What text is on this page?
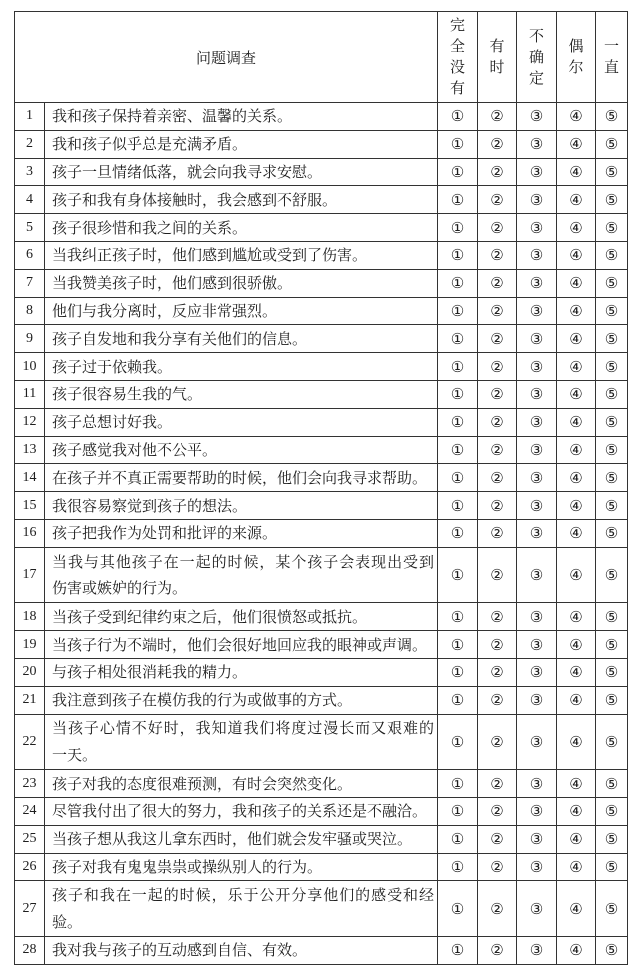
问题调查		完全没有	有时	不确定	偶尔	一直
1	我和孩子保持着亲密、温馨的关系。	①	②	③	④	⑤
2	我和孩子似乎总是充满矛盾。	①	②	③	④	⑤
3	孩子一旦情绪低落，就会向我寻求安慰。	①	②	③	④	⑤
4	孩子和我有身体接触时，我会感到不舒服。	①	②	③	④	⑤
5	孩子很珍惜和我之间的关系。	①	②	③	④	⑤
6	当我纠正孩子时，他们感到尴尬或受到了伤害。	①	②	③	④	⑤
7	当我赞美孩子时，他们感到很骄傲。	①	②	③	④	⑤
8	他们与我分离时，反应非常强烈。	①	②	③	④	⑤
9	孩子自发地和我分享有关他们的信息。	①	②	③	④	⑤
10	孩子过于依赖我。	①	②	③	④	⑤
11	孩子很容易生我的气。	①	②	③	④	⑤
12	孩子总想讨好我。	①	②	③	④	⑤
13	孩子感觉我对他不公平。	①	②	③	④	⑤
14	在孩子并不真正需要帮助的时候，他们会向我寻求帮助。	①	②	③	④	⑤
15	我很容易察觉到孩子的想法。	①	②	③	④	⑤
16	孩子把我作为处罚和批评的来源。	①	②	③	④	⑤
17	当我与其他孩子在一起的时候，某个孩子会表现出受到
伤害或嫉妒的行为。	①	②	③	④	⑤
18	当孩子受到纪律约束之后，他们很愤怒或抵抗。	①	②	③	④	⑤
19	当孩子行为不端时，他们会很好地回应我的眼神或声调。	①	②	③	④	⑤
20	与孩子相处很消耗我的精力。	①	②	③	④	⑤
21	我注意到孩子在模仿我的行为或做事的方式。	①	②	③	④	⑤
22	当孩子心情不好时，我知道我们将度过漫长而又艰难的
一天。	①	②	③	④	⑤
23	孩子对我的态度很难预测，有时会突然变化。	①	②	③	④	⑤
24	尽管我付出了很大的努力，我和孩子的关系还是不融洽。	①	②	③	④	⑤
25	当孩子想从我这儿拿东西时，他们就会发牢骚或哭泣。	①	②	③	④	⑤
26	孩子对我有鬼鬼祟祟或操纵别人的行为。	①	②	③	④	⑤
27	孩子和我在一起的时候，乐于公开分享他们的感受和经
验。	①	②	③	④	⑤
28	我对我与孩子的互动感到自信、有效。	①	②	③	④	⑤
